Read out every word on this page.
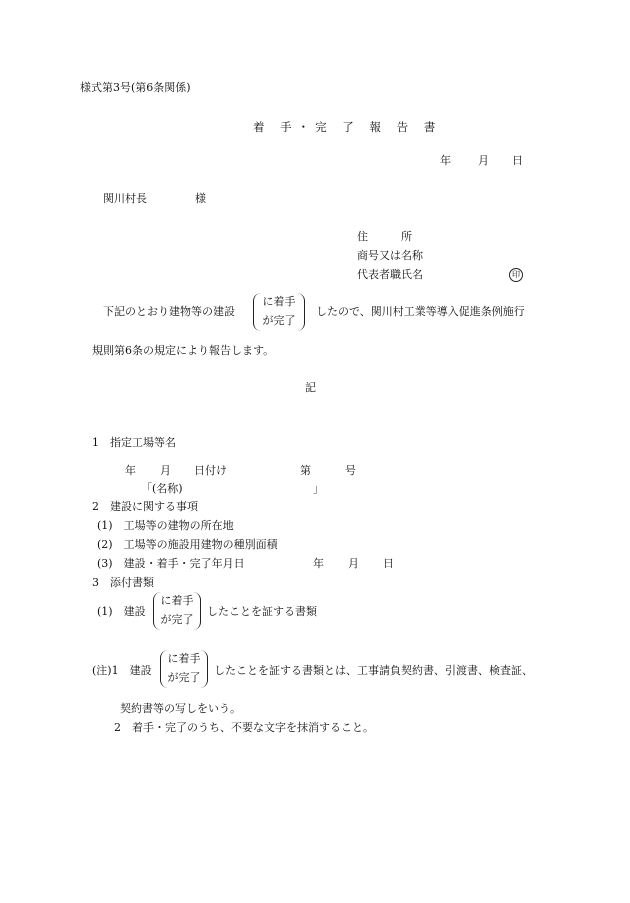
様式第3号(第6条関係)
着 手・完 了 報 告 書
年 月 日
関川村長	様
住　　　所
商号又は名称
代表者職氏名	印
下記のとおり建物等の建設
に着手
が完了
したので、関川村工業等導入促進条例施行
規則第6条の規定により報告します。
記
1　指定工場等名
年 月 日付け	第	号
「(名称)	」
2　建設に関する事項
(1)　工場等の建物の所在地
(2)　工場等の施設用建物の種別面積
(3)　建設・着手・完了年月日	年 月 日
3　添付書類
(1)　建設
に着手
が完了
したことを証する書類
(注)1　建設
に着手
が完了
したことを証する書類とは、工事請負契約書、引渡書、検査証、
契約書等の写しをいう。
2　着手・完了のうち、不要な文字を抹消すること。
